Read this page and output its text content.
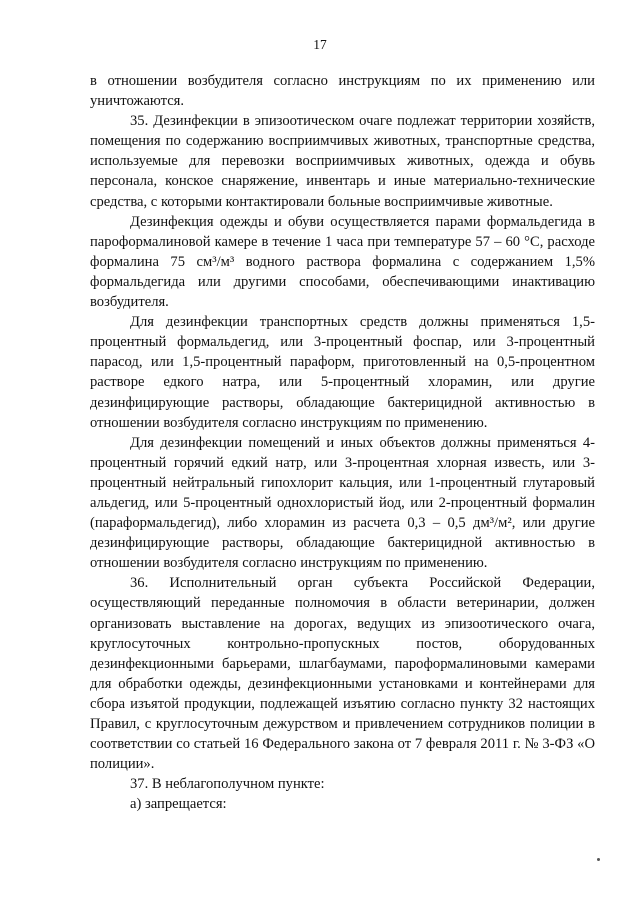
17

в отношении возбудителя согласно инструкциям по их применению или уничтожаются.

35. Дезинфекции в эпизоотическом очаге подлежат территории хозяйств, помещения по содержанию восприимчивых животных, транспортные средства, используемые для перевозки восприимчивых животных, одежда и обувь персонала, конское снаряжение, инвентарь и иные материально-технические средства, с которыми контактировали больные восприимчивые животные.

Дезинфекция одежды и обуви осуществляется парами формальдегида в пароформалиновой камере в течение 1 часа при температуре 57 – 60 °С, расходе формалина 75 см³/м³ водного раствора формалина с содержанием 1,5% формальдегида или другими способами, обеспечивающими инактивацию возбудителя.

Для дезинфекции транспортных средств должны применяться 1,5-процентный формальдегид, или 3-процентный фоспар, или 3-процентный парасод, или 1,5-процентный параформ, приготовленный на 0,5-процентном растворе едкого натра, или 5-процентный хлорамин, или другие дезинфицирующие растворы, обладающие бактерицидной активностью в отношении возбудителя согласно инструкциям по применению.

Для дезинфекции помещений и иных объектов должны применяться 4-процентный горячий едкий натр, или 3-процентная хлорная известь, или 3-процентный нейтральный гипохлорит кальция, или 1-процентный глутаровый альдегид, или 5-процентный однохлористый йод, или 2-процентный формалин (параформальдегид), либо хлорамин из расчета 0,3 – 0,5 дм³/м², или другие дезинфицирующие растворы, обладающие бактерицидной активностью в отношении возбудителя согласно инструкциям по применению.

36. Исполнительный орган субъекта Российской Федерации, осуществляющий переданные полномочия в области ветеринарии, должен организовать выставление на дорогах, ведущих из эпизоотического очага, круглосуточных контрольно-пропускных постов, оборудованных дезинфекционными барьерами, шлагбаумами, пароформалиновыми камерами для обработки одежды, дезинфекционными установками и контейнерами для сбора изъятой продукции, подлежащей изъятию согласно пункту 32 настоящих Правил, с круглосуточным дежурством и привлечением сотрудников полиции в соответствии со статьей 16 Федерального закона от 7 февраля 2011 г. № 3-ФЗ «О полиции».

37. В неблагополучном пункте:

а) запрещается:
